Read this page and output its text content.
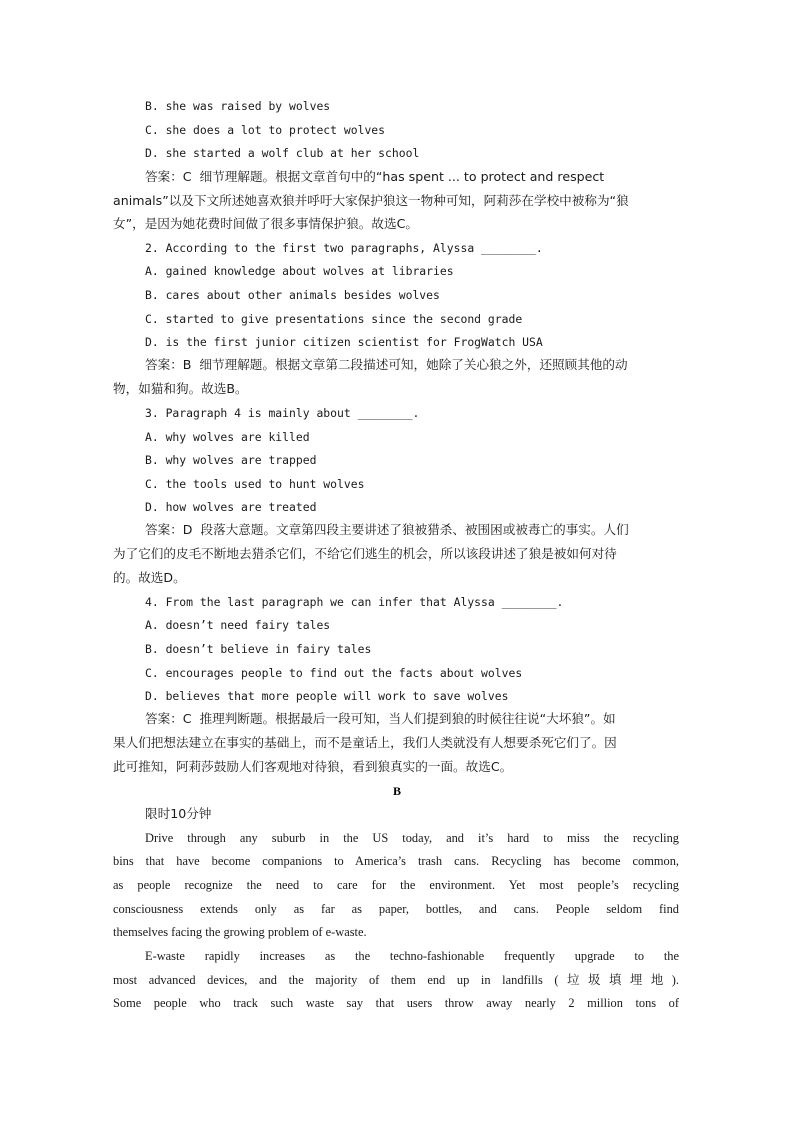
B. she was raised by wolves
C. she does a lot to protect wolves
D. she started a wolf club at her school
答案：C  细节理解题。根据文章首句中的“has spent ... to protect and respect
animals”以及下文所述她喜欢狼并呼吁大家保护狼这一物种可知，阿莉莎在学校中被称为“狼
女”，是因为她花费时间做了很多事情保护狼。故选C。
2. According to the first two paragraphs, Alyssa ________.
A. gained knowledge about wolves at libraries
B. cares about other animals besides wolves
C. started to give presentations since the second grade
D. is the first junior citizen scientist for FrogWatch USA
答案：B  细节理解题。根据文章第二段描述可知，她除了关心狼之外，还照顾其他的动
物，如猫和狗。故选B。
3. Paragraph 4 is mainly about ________.
A. why wolves are killed
B. why wolves are trapped
C. the tools used to hunt wolves
D. how wolves are treated
答案：D  段落大意题。文章第四段主要讲述了狼被猎杀、被围困或被毒亡的事实。人们
为了它们的皮毛不断地去猎杀它们，不给它们逃生的机会，所以该段讲述了狼是被如何对待
的。故选D。
4. From the last paragraph we can infer that Alyssa ________.
A. doesn’t need fairy tales
B. doesn’t believe in fairy tales
C. encourages people to find out the facts about wolves
D. believes that more people will work to save wolves
答案：C  推理判断题。根据最后一段可知，当人们提到狼的时候往往说“大坏狼”。如
果人们把想法建立在事实的基础上，而不是童话上，我们人类就没有人想要杀死它们了。因
此可推知，阿莉莎鼓励人们客观地对待狼，看到狼真实的一面。故选C。
B
限时10分钟
Drive through any suburb in the US today, and it’s hard to miss the recycling
bins that have become companions to America’s trash cans. Recycling has become common,
as people recognize the need to care for the environment. Yet most people’s recycling
consciousness extends only as far as paper, bottles, and cans. People seldom find
themselves facing the growing problem of e-waste.
E-waste rapidly increases as the techno-fashionable frequently upgrade to the
most advanced devices, and the majority of them end up in landfills (垃圾填埋地).
Some people who track such waste say that users throw away nearly 2 million tons of
